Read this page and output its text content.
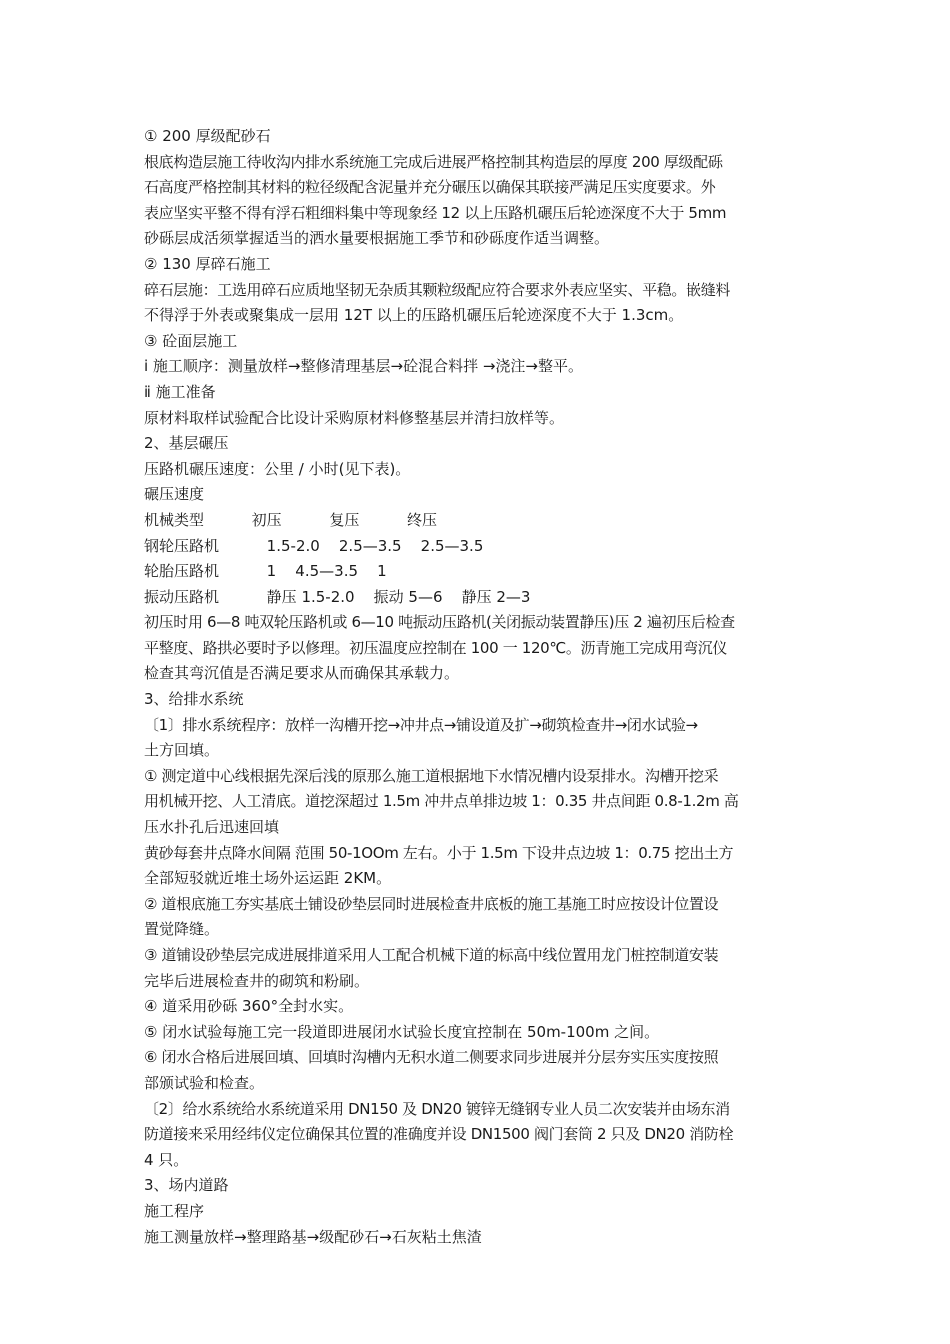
① 200 厚级配砂石
根底构造层施工待收沟内排水系统施工完成后进展严格控制其构造层的厚度 200 厚级配砾
石高度严格控制其材料的粒径级配含泥量并充分碾压以确保其联接严满足压实度要求。外
表应坚实平整不得有浮石粗细料集中等现象经 12 以上压路机碾压后轮迹深度不大于 5mm
砂砾层成活须掌握适当的洒水量要根据施工季节和砂砾度作适当调整。
② 130 厚碎石施工
碎石层施：工选用碎石应质地坚韧无杂质其颗粒级配应符合要求外表应坚实、平稳。嵌缝料
不得浮于外表或聚集成一层用 12T 以上的压路机碾压后轮迹深度不大于 1.3cm。
③ 砼面层施工
ⅰ 施工顺序：测量放样→整修清理基层→砼混合料拌 →浇注→整平。
ⅱ 施工准备
原材料取样试验配合比设计采购原材料修整基层并清扫放样等。
2、基层碾压
压路机碾压速度：公里 / 小时(见下表)。
碾压速度
机械类型          初压          复压          终压
钢轮压路机          1.5-2.0    2.5—3.5    2.5—3.5
轮胎压路机          1    4.5—3.5    1
振动压路机          静压 1.5-2.0    振动 5—6    静压 2—3
初压时用 6—8 吨双轮压路机或 6—10 吨振动压路机(关闭振动装置静压)压 2 遍初压后检查
平整度、路拱必要时予以修理。初压温度应控制在 100 一 120℃。沥青施工完成用弯沉仪
检查其弯沉值是否满足要求从而确保其承载力。
3、给排水系统
〔1〕排水系统程序：放样一沟槽开挖→冲井点→铺设道及扩→砌筑检查井→闭水试验→
土方回填。
① 测定道中心线根据先深后浅的原那么施工道根据地下水情况槽内设泵排水。沟槽开挖采
用机械开挖、人工清底。道挖深超过 1.5m 冲井点单排边坡 1：0.35 井点间距 0.8-1.2m 高
压水扑孔后迅速回填
黄砂每套井点降水间隔 范围 50-1OOm 左右。小于 1.5m 下设井点边坡 1：0.75 挖出土方
全部短驳就近堆土场外运运距 2KM。
② 道根底施工夯实基底土铺设砂垫层同时进展检查井底板的施工基施工时应按设计位置设
置觉降缝。
③ 道铺设砂垫层完成进展排道采用人工配合机械下道的标高中线位置用龙门桩控制道安装
完毕后进展检查井的砌筑和粉刷。
④ 道采用砂砾 360°全封水实。
⑤ 闭水试验每施工完一段道即进展闭水试验长度宜控制在 50m-100m 之间。
⑥ 闭水合格后进展回填、回填时沟槽内无积水道二侧要求同步进展并分层夯实压实度按照
部颁试验和检查。
〔2〕给水系统给水系统道采用 DN150 及 DN20 镀锌无缝钢专业人员二次安装并由场东消
防道接来采用经纬仪定位确保其位置的准确度并设 DN1500 阀门套筒 2 只及 DN20 消防栓
4 只。
3、场内道路
施工程序
施工测量放样→整理路基→级配砂石→石灰粘土焦渣
